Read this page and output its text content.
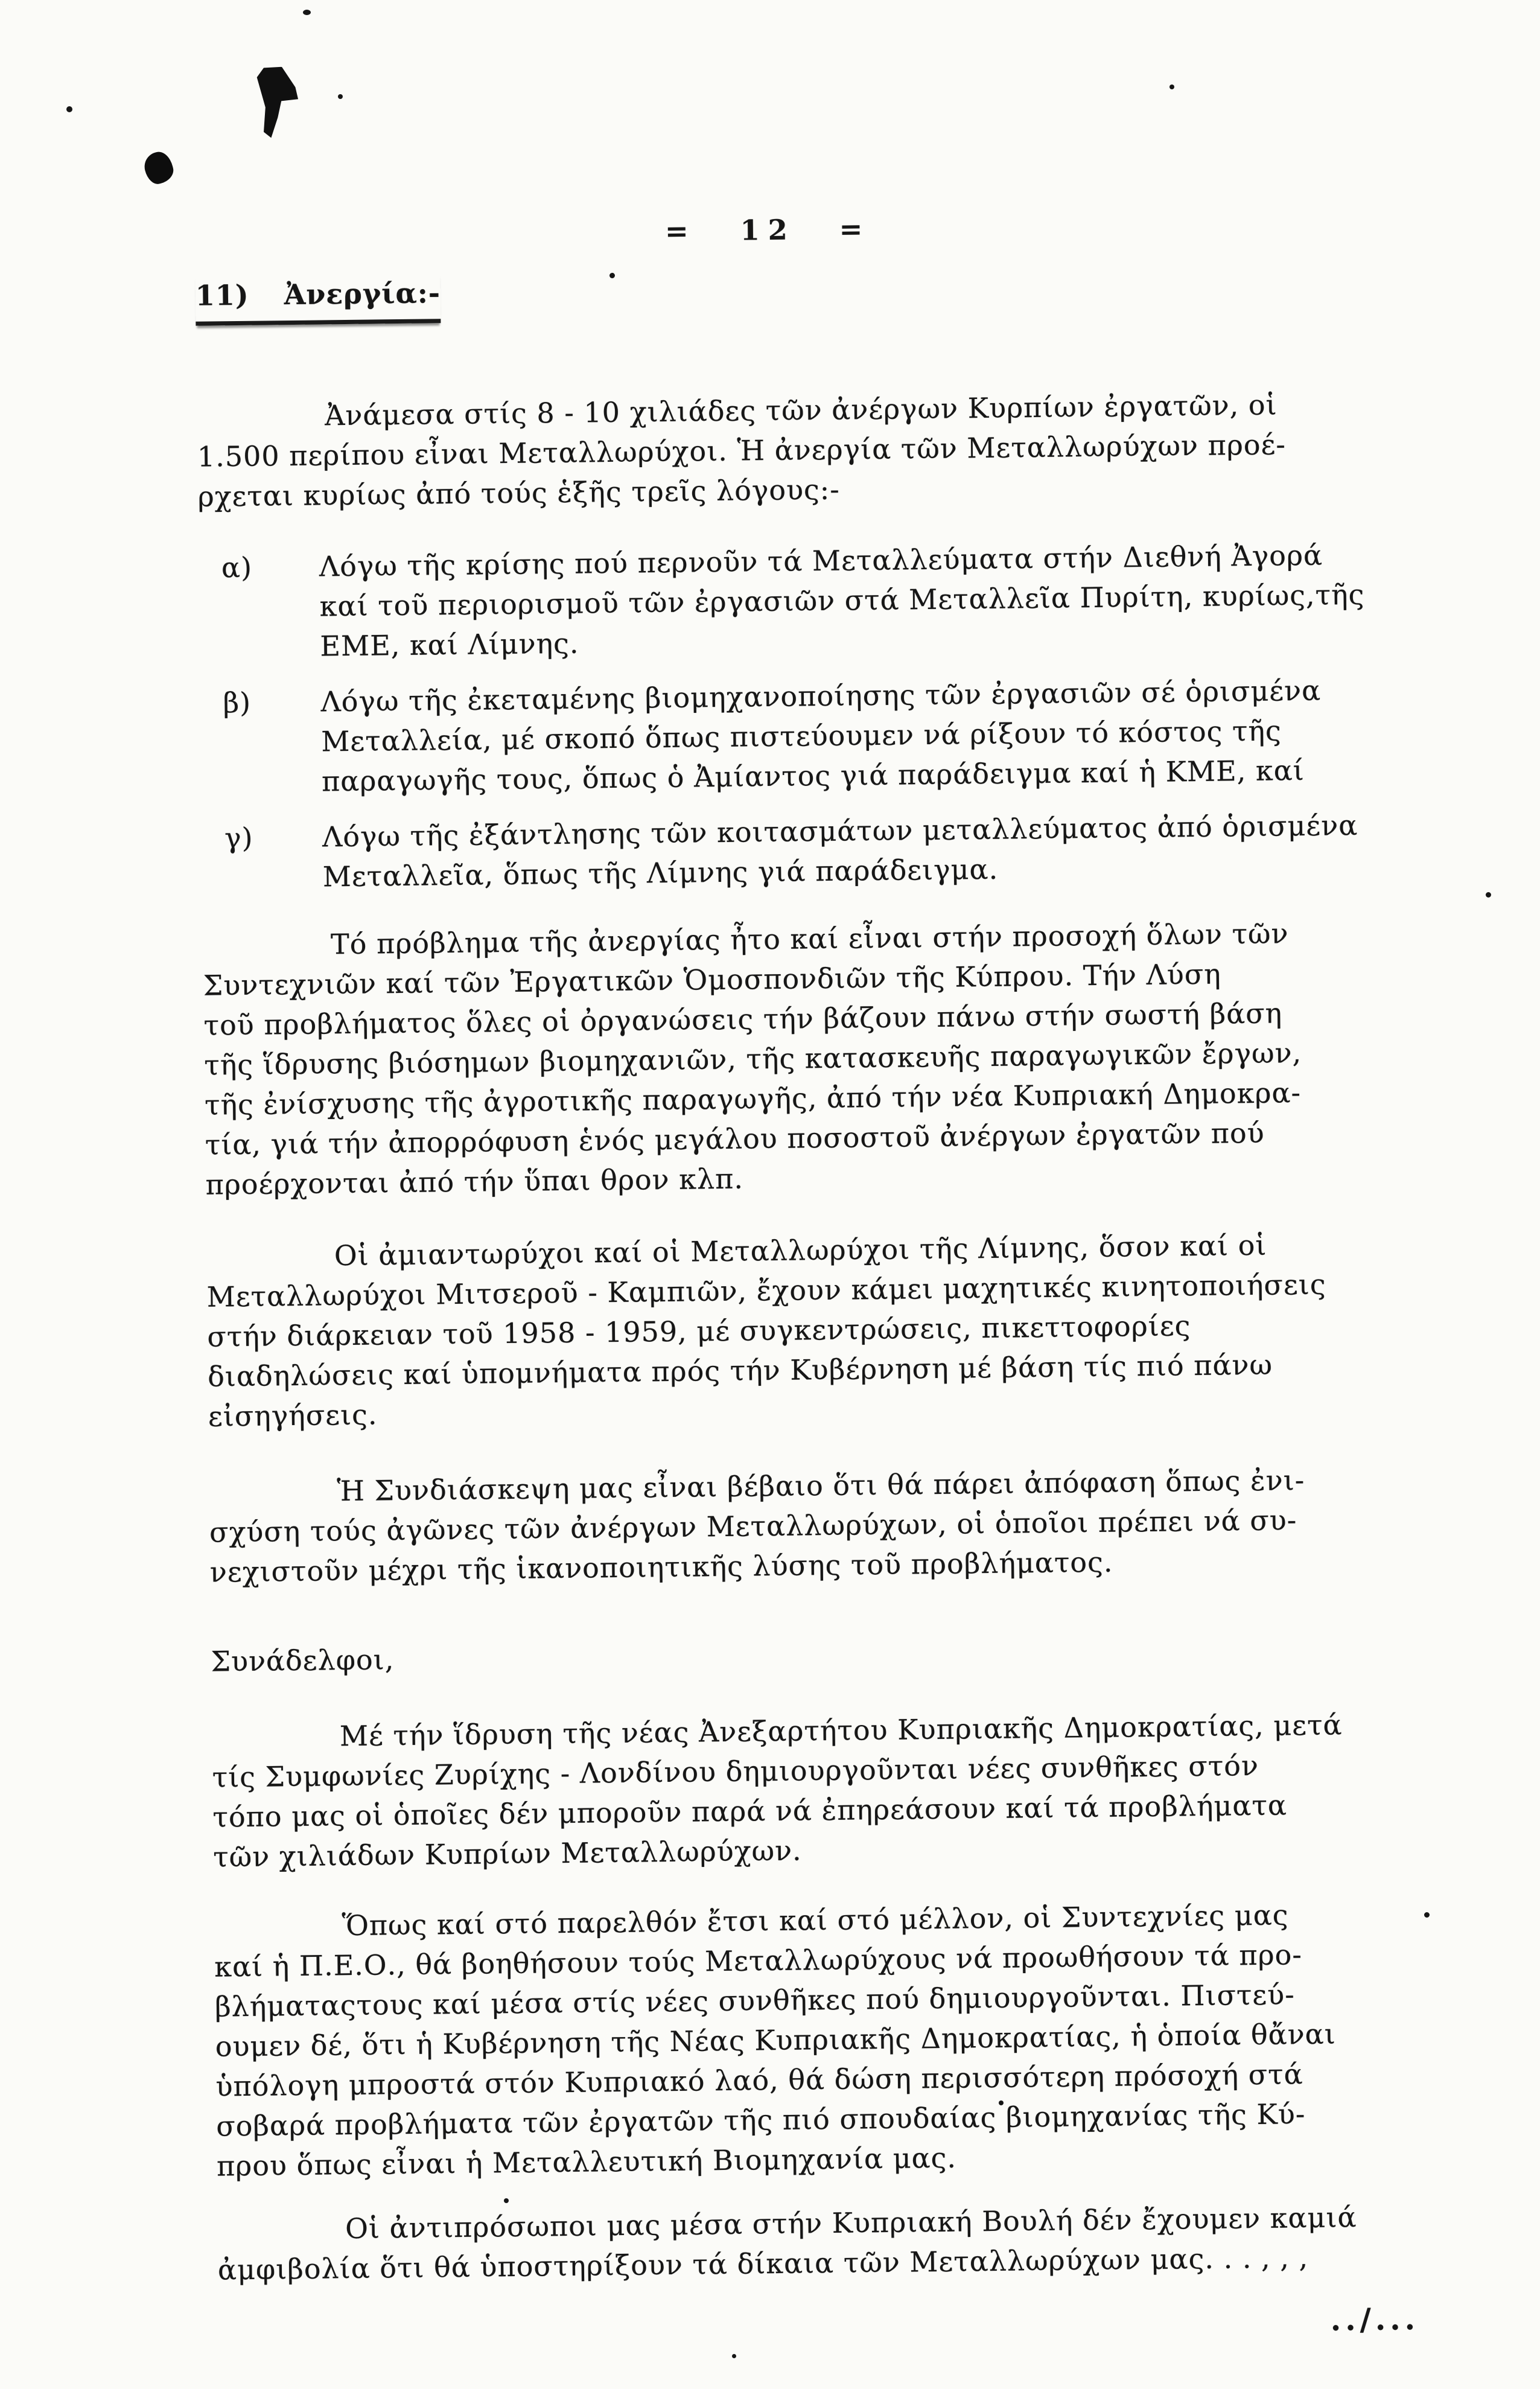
= 12 =
11) Ἀνεργία:-
Ἀνάμεσα στίς 8 - 10 χιλιάδες τῶν ἀνέργων Κυρπίων ἐργατῶν, οἱ
1.500 περίπου εἶναι Μεταλλωρύχοι. Ἡ ἀνεργία τῶν Μεταλλωρύχων προέ-
ρχεται κυρίως ἀπό τούς ἑξῆς τρεῖς λόγους:-
α)	Λόγω τῆς κρίσης πού περνοῦν τά Μεταλλεύματα στήν Διεθνή Ἀγορά
καί τοῦ περιορισμοῦ τῶν ἐργασιῶν στά Μεταλλεῖα Πυρίτη, κυρίως,τῆς
ΕΜΕ, καί Λίμνης.
β)	Λόγω τῆς ἐκεταμένης βιομηχανοποίησης τῶν ἐργασιῶν σέ ὁρισμένα
Μεταλλεία, μέ σκοπό ὅπως πιστεύουμεν νά ρίξουν τό κόστος τῆς
παραγωγῆς τους, ὅπως ὁ Ἀμίαντος γιά παράδειγμα καί ἡ ΚΜΕ, καί
γ)	Λόγω τῆς ἐξάντλησης τῶν κοιτασμάτων μεταλλεύματος ἀπό ὁρισμένα
Μεταλλεῖα, ὅπως τῆς Λίμνης γιά παράδειγμα.
Τό πρόβλημα τῆς ἀνεργίας ἦτο καί εἶναι στήν προσοχή ὅλων τῶν
Συντεχνιῶν καί τῶν Ἐργατικῶν Ὁμοσπονδιῶν τῆς Κύπρου. Τήν Λύση
τοῦ προβλήματος ὅλες οἱ ὀργανώσεις τήν βάζουν πάνω στήν σωστή βάση
τῆς ἵδρυσης βιόσημων βιομηχανιῶν, τῆς κατασκευῆς παραγωγικῶν ἔργων,
τῆς ἐνίσχυσης τῆς ἀγροτικῆς παραγωγῆς, ἀπό τήν νέα Κυπριακή Δημοκρα-
τία, γιά τήν ἀπορρόφυση ἑνός μεγάλου ποσοστοῦ ἀνέργων ἐργατῶν πού
προέρχονται ἀπό τήν ὕπαι θρον κλπ.
Οἱ ἀμιαντωρύχοι καί οἱ Μεταλλωρύχοι τῆς Λίμνης, ὅσον καί οἱ
Μεταλλωρύχοι Μιτσεροῦ - Καμπιῶν, ἔχουν κάμει μαχητικές κινητοποιήσεις
στήν διάρκειαν τοῦ 1958 - 1959, μέ συγκεντρώσεις, πικεττοφορίες
διαδηλώσεις καί ὑπομνήματα πρός τήν Κυβέρνηση μέ βάση τίς πιό πάνω
εἰσηγήσεις.
Ἡ Συνδιάσκεψη μας εἶναι βέβαιο ὅτι θά πάρει ἀπόφαση ὅπως ἐνι-
σχύση τούς ἀγῶνες τῶν ἀνέργων Μεταλλωρύχων, οἱ ὁποῖοι πρέπει νά συ-
νεχιστοῦν μέχρι τῆς ἱκανοποιητικῆς λύσης τοῦ προβλήματος.
Συνάδελφοι,
Μέ τήν ἵδρυση τῆς νέας Ἀνεξαρτήτου Κυπριακῆς Δημοκρατίας, μετά
τίς Συμφωνίες Ζυρίχης - Λονδίνου δημιουργοῦνται νέες συνθῆκες στόν
τόπο μας οἱ ὁποῖες δέν μποροῦν παρά νά ἐπηρεάσουν καί τά προβλήματα
τῶν χιλιάδων Κυπρίων Μεταλλωρύχων.
Ὅπως καί στό παρελθόν ἔτσι καί στό μέλλον, οἱ Συντεχνίες μας
καί ἡ Π.Ε.Ο., θά βοηθήσουν τούς Μεταλλωρύχους νά προωθήσουν τά προ-
βλήματαςτους καί μέσα στίς νέες συνθῆκες πού δημιουργοῦνται. Πιστεύ-
ουμεν δέ, ὅτι ἡ Κυβέρνηση τῆς Νέας Κυπριακῆς Δημοκρατίας, ἡ ὁποία θἄναι
ὑπόλογη μπροστά στόν Κυπριακό λαό, θά δώση περισσότερη πρόσοχή στά
σοβαρά προβλήματα τῶν ἐργατῶν τῆς πιό σπουδαίας βιομηχανίας τῆς Κύ-
πρου ὅπως εἶναι ἡ Μεταλλευτική Βιομηχανία μας.
Οἱ ἀντιπρόσωποι μας μέσα στήν Κυπριακή Βουλή δέν ἔχουμεν καμιά
ἀμφιβολία ὅτι θά ὑποστηρίξουν τά δίκαια τῶν Μεταλλωρύχων μας. . . , , ,
../...
